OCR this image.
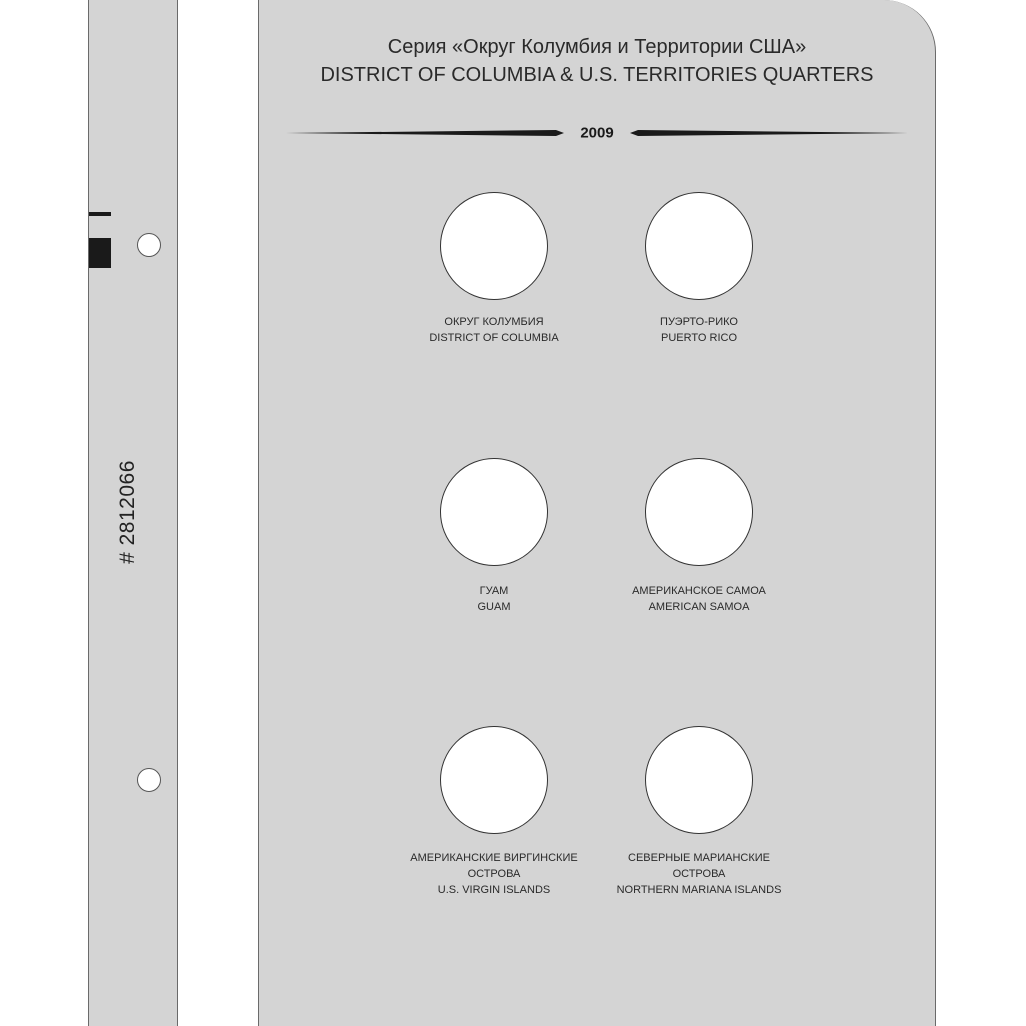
# 2812066
Серия «Округ Колумбия и Территории США»
DISTRICT OF COLUMBIA & U.S. TERRITORIES QUARTERS
2009
ОКРУГ КОЛУМБИЯ
DISTRICT OF COLUMBIA
ПУЭРТО-РИКО
PUERTO RICO
ГУАМ
GUAM
АМЕРИКАНСКОЕ САМОА
AMERICAN SAMOA
АМЕРИКАНСКИЕ ВИРГИНСКИЕ
ОСТРОВА
U.S. VIRGIN ISLANDS
СЕВЕРНЫЕ МАРИАНСКИЕ
ОСТРОВА
NORTHERN MARIANA ISLANDS
